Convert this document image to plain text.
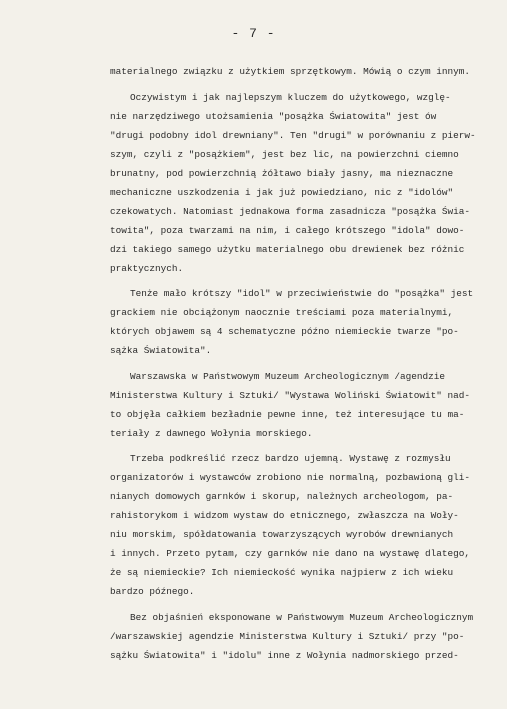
- 7 -
materialnego związku z użytkiem sprzętkowym. Mówią o czym innym.
Oczywistym i jak najlepszym kluczem do użytkowego, wzglę-
nie narzędziwego utożsamienia "posążka Światowita" jest ów
"drugi podobny idol drewniany". Ten "drugi" w porównaniu z pierw-
szym, czyli z "posążkiem", jest bez lic, na powierzchni ciemno
brunatny, pod powierzchnią żółtawo biały jasny, ma nieznaczne
mechaniczne uszkodzenia i jak już powiedziano, nic z "idolów"
czekowatych. Natomiast jednakowa forma zasadnicza "posążka Świa-
towita", poza twarzami na nim, i całego krótszego "idola" dowo-
dzi takiego samego użytku materialnego obu drewienek bez różnic
praktycznych.
Tenże mało krótszy "idol" w przeciwieństwie do "posążka" jest
grackiem nie obciążonym naocznie treściami poza materialnymi,
których objawem są 4 schematyczne późno niemieckie twarze "po-
sążka Światowita".
Warszawska w Państwowym Muzeum Archeologicznym /agendzie
Ministerstwa Kultury i Sztuki/ "Wystawa Woliński Światowit" nad-
to objęła całkiem bezładnie pewne inne, też interesujące tu ma-
teriały z dawnego Wołynia morskiego.
Trzeba podkreślić rzecz bardzo ujemną. Wystawę z rozmysłu
organizatorów i wystawców zrobiono nie normalną, pozbawioną gli-
nianych domowych garnków i skorup, należnych archeologom, pa-
rahistorykom i widzom wystaw do etnicznego, zwłaszcza na Woły-
niu morskim, spółdatowania towarzyszących wyrobów drewnianych
i innych. Przeto pytam, czy garnków nie dano na wystawę dlatego,
że są niemieckie? Ich niemieckość wynika najpierw z ich wieku
bardzo późnego.
Bez objaśnień eksponowane w Państwowym Muzeum Archeologicznym
/warszawskiej agendzie Ministerstwa Kultury i Sztuki/ przy "po-
sążku Światowita" i "idolu" inne z Wołynia nadmorskiego przed-
